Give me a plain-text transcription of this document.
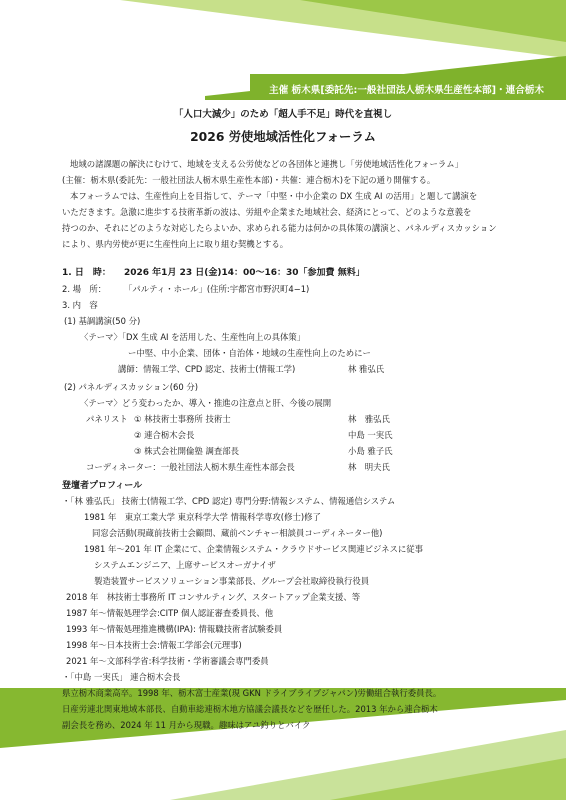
主催 栃木県[委託先:一般社団法人栃木県生産性本部]・連合栃木
「人口大減少」のため「超人手不足」時代を直視し
2026 労使地域活性化フォーラム
地域の諸課題の解決にむけて、地域を支える公労使などの各団体と連携し「労使地域活性化フォーラム」
(主催：栃木県(委託先：一般社団法人栃木県生産性本部)・共催：連合栃木)を下記の通り開催する。
本フォーラムでは、生産性向上を目指して、テーマ「中堅・中小企業の DX 生成 AI の活用」と題して講演を
いただきます。急激に進歩する技術革新の波は、労組や企業また地域社会、経済にとって、どのような意義を
持つのか、それにどのような対応したらよいか、求められる能力は何かの具体策の講演と、パネルディスカッション
により、県内労使が更に生産性向上に取り組む契機とする。
1. 日　時： 2026 年1月 23 日(金)14：00～16：30「参加費 無料」
2. 場　所： 「パルティ・ホール」(住所:宇都宮市野沢町4−1)
3. 内　容
(1) 基調講演(50 分)
〈テーマ〉「DX 生成 AI を活用した、生産性向上の具体策」
ー中堅、中小企業、団体・自治体・地域の生産性向上のためにー
講師：情報工学、CPD 認定、技術士(情報工学)	林 雅弘氏
(2) パネルディスカッション(60 分)
〈テーマ〉どう変わったか、導入・推進の注意点と肝、今後の展開
パネリスト ① 林技術士事務所 技術士	林　雅弘氏
② 連合栃木会長	中島 一実氏
③ 株式会社開倫塾 調査部長	小島 雅子氏
コーディネーター：一般社団法人栃木県生産性本部会長	林　明夫氏
登壇者プロフィール
・「林 雅弘氏」 技術士(情報工学、CPD 認定) 専門分野:情報システム、情報通信システム
1981 年　東京工業大学 東京科学大学 情報科学専攻(修士)修了
同窓会活動(現蔵前技術士会顧問、蔵前ベンチャー相談員コーディネーター他)
1981 年～201 年 IT 企業にて、企業情報システム・クラウドサービス関連ビジネスに従事
システムエンジニア、上席サービスオーガナイザ
製造装置サービスソリューション事業部長、グループ会社取締役執行役員
2018 年　林技術士事務所 IT コンサルティング、スタートアップ企業支援、等
1987 年～情報処理学会:CITP 個人認証審査委員長、他
1993 年～情報処理推進機構(IPA): 情報職技術者試験委員
1998 年～日本技術士会:情報工学部会(元理事)
2021 年～文部科学省:科学技術・学術審議会専門委員
・「中島 一実氏」 連合栃木会長
県立栃木商業高卒。1998 年、栃木富士産業(現 GKN ドライブライブジャパン)労働組合執行委員長。
日産労連北関東地域本部長、自動車総連栃木地方協議会議長などを歴任した。2013 年から連合栃木
副会長を務め、2024 年 11 月から現職。趣味はアユ釣りとバイク
